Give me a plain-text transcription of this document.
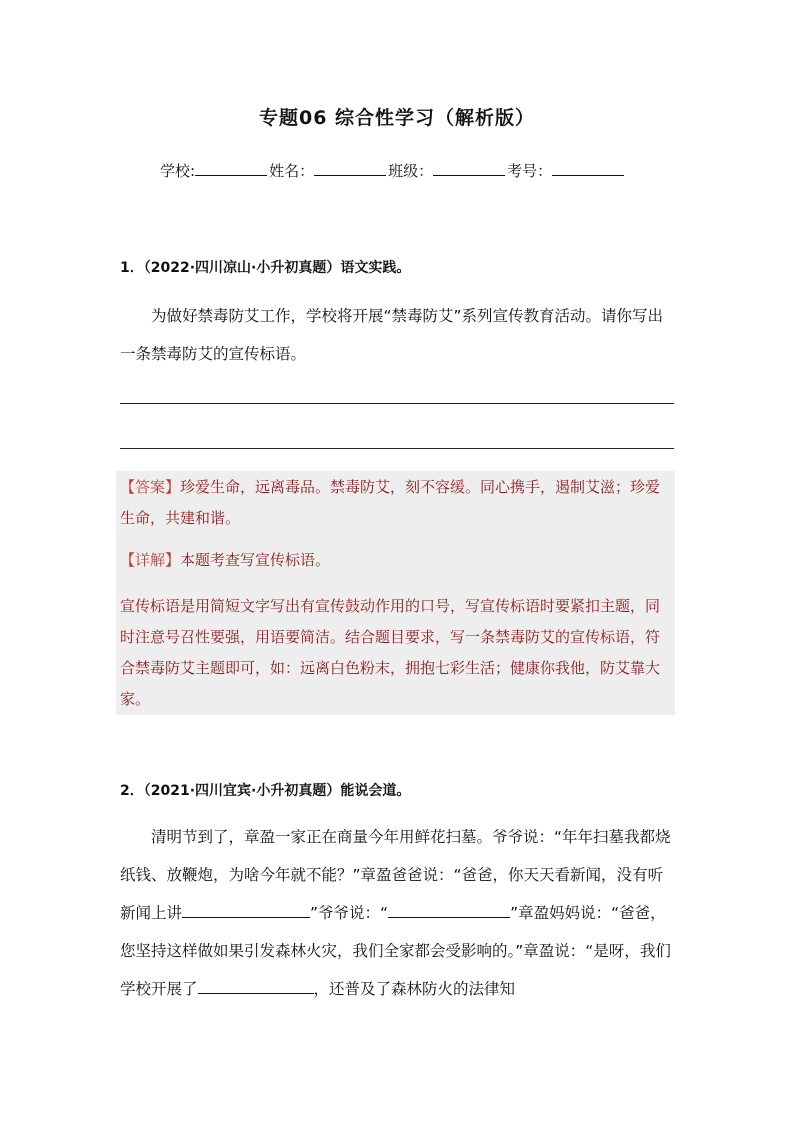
专题06 综合性学习（解析版）
学校:	姓名：	班级：	考号：
1．（2022·四川凉山·小升初真题）语文实践。
为做好禁毒防艾工作，学校将开展“禁毒防艾”系列宣传教育活动。请你写出一条禁毒防艾的宣传标语。
【答案】珍爱生命，远离毒品。禁毒防艾，刻不容缓。同心携手，遏制艾滋；珍爱生命，共建和谐。
【详解】本题考查写宣传标语。
宣传标语是用简短文字写出有宣传鼓动作用的口号，写宣传标语时要紧扣主题，同时注意号召性要强，用语要简洁。结合题目要求，写一条禁毒防艾的宣传标语，符合禁毒防艾主题即可，如：远离白色粉末，拥抱七彩生活；健康你我他，防艾靠大家。
2．（2021·四川宜宾·小升初真题）能说会道。
清明节到了，章盈一家正在商量今年用鲜花扫墓。爷爷说：“年年扫墓我都烧纸钱、放鞭炮，为啥今年就不能？”章盈爸爸说：“爸爸，你天天看新闻，没有听新闻上讲	”爷爷说：“	”章盈妈妈说：“爸爸，您坚持这样做如果引发森林火灾，我们全家都会受影响的。”章盈说：“是呀，我们学校开展了	，还普及了森林防火的法律知
